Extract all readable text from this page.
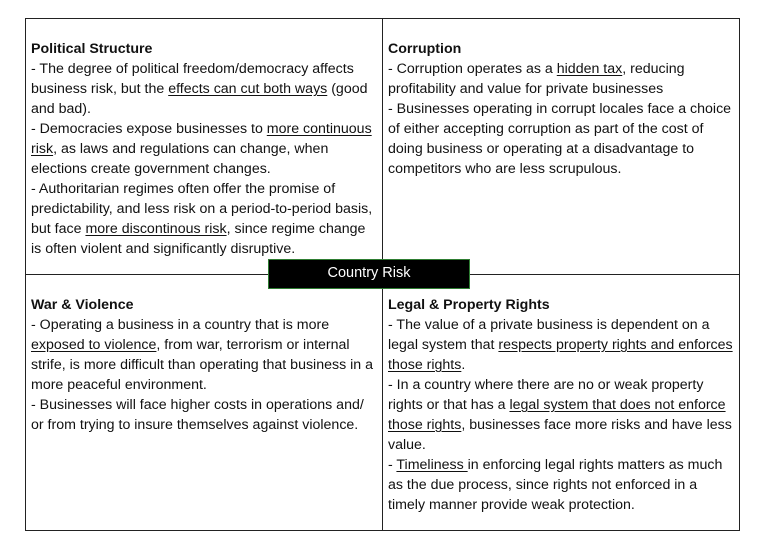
Political Structure

- The degree of political freedom/democracy affects business risk, but the effects can cut both ways (good and bad).

- Democracies expose businesses to more continuous risk, as laws and regulations can change, when elections create government changes.

- Authoritarian regimes often offer the promise of predictability, and less risk on a period-to-period basis, but face more discontinous risk, since regime change is often violent and significantly disruptive.

Corruption

- Corruption operates as a hidden tax, reducing profitability and value for private businesses

- Businesses operating in corrupt locales face a choice of either accepting corruption as part of the cost of doing business or operating at a disadvantage to competitors who are less scrupulous.

War & Violence

- Operating a business in a country that is more exposed to violence, from war, terrorism or internal strife, is more difficult than operating that business in a more peaceful environment.

- Businesses will face higher costs in operations and/ or from trying to insure themselves against violence.

Legal & Property Rights

- The value of a private business is dependent on a legal system that respects property rights and enforces those rights.

- In a country where there are no or weak property rights or that has a legal system that does not enforce those rights, businesses face more risks and have less value.

- Timeliness in enforcing legal rights matters as much as the due process, since rights not enforced in a timely manner provide weak protection.

Country Risk
